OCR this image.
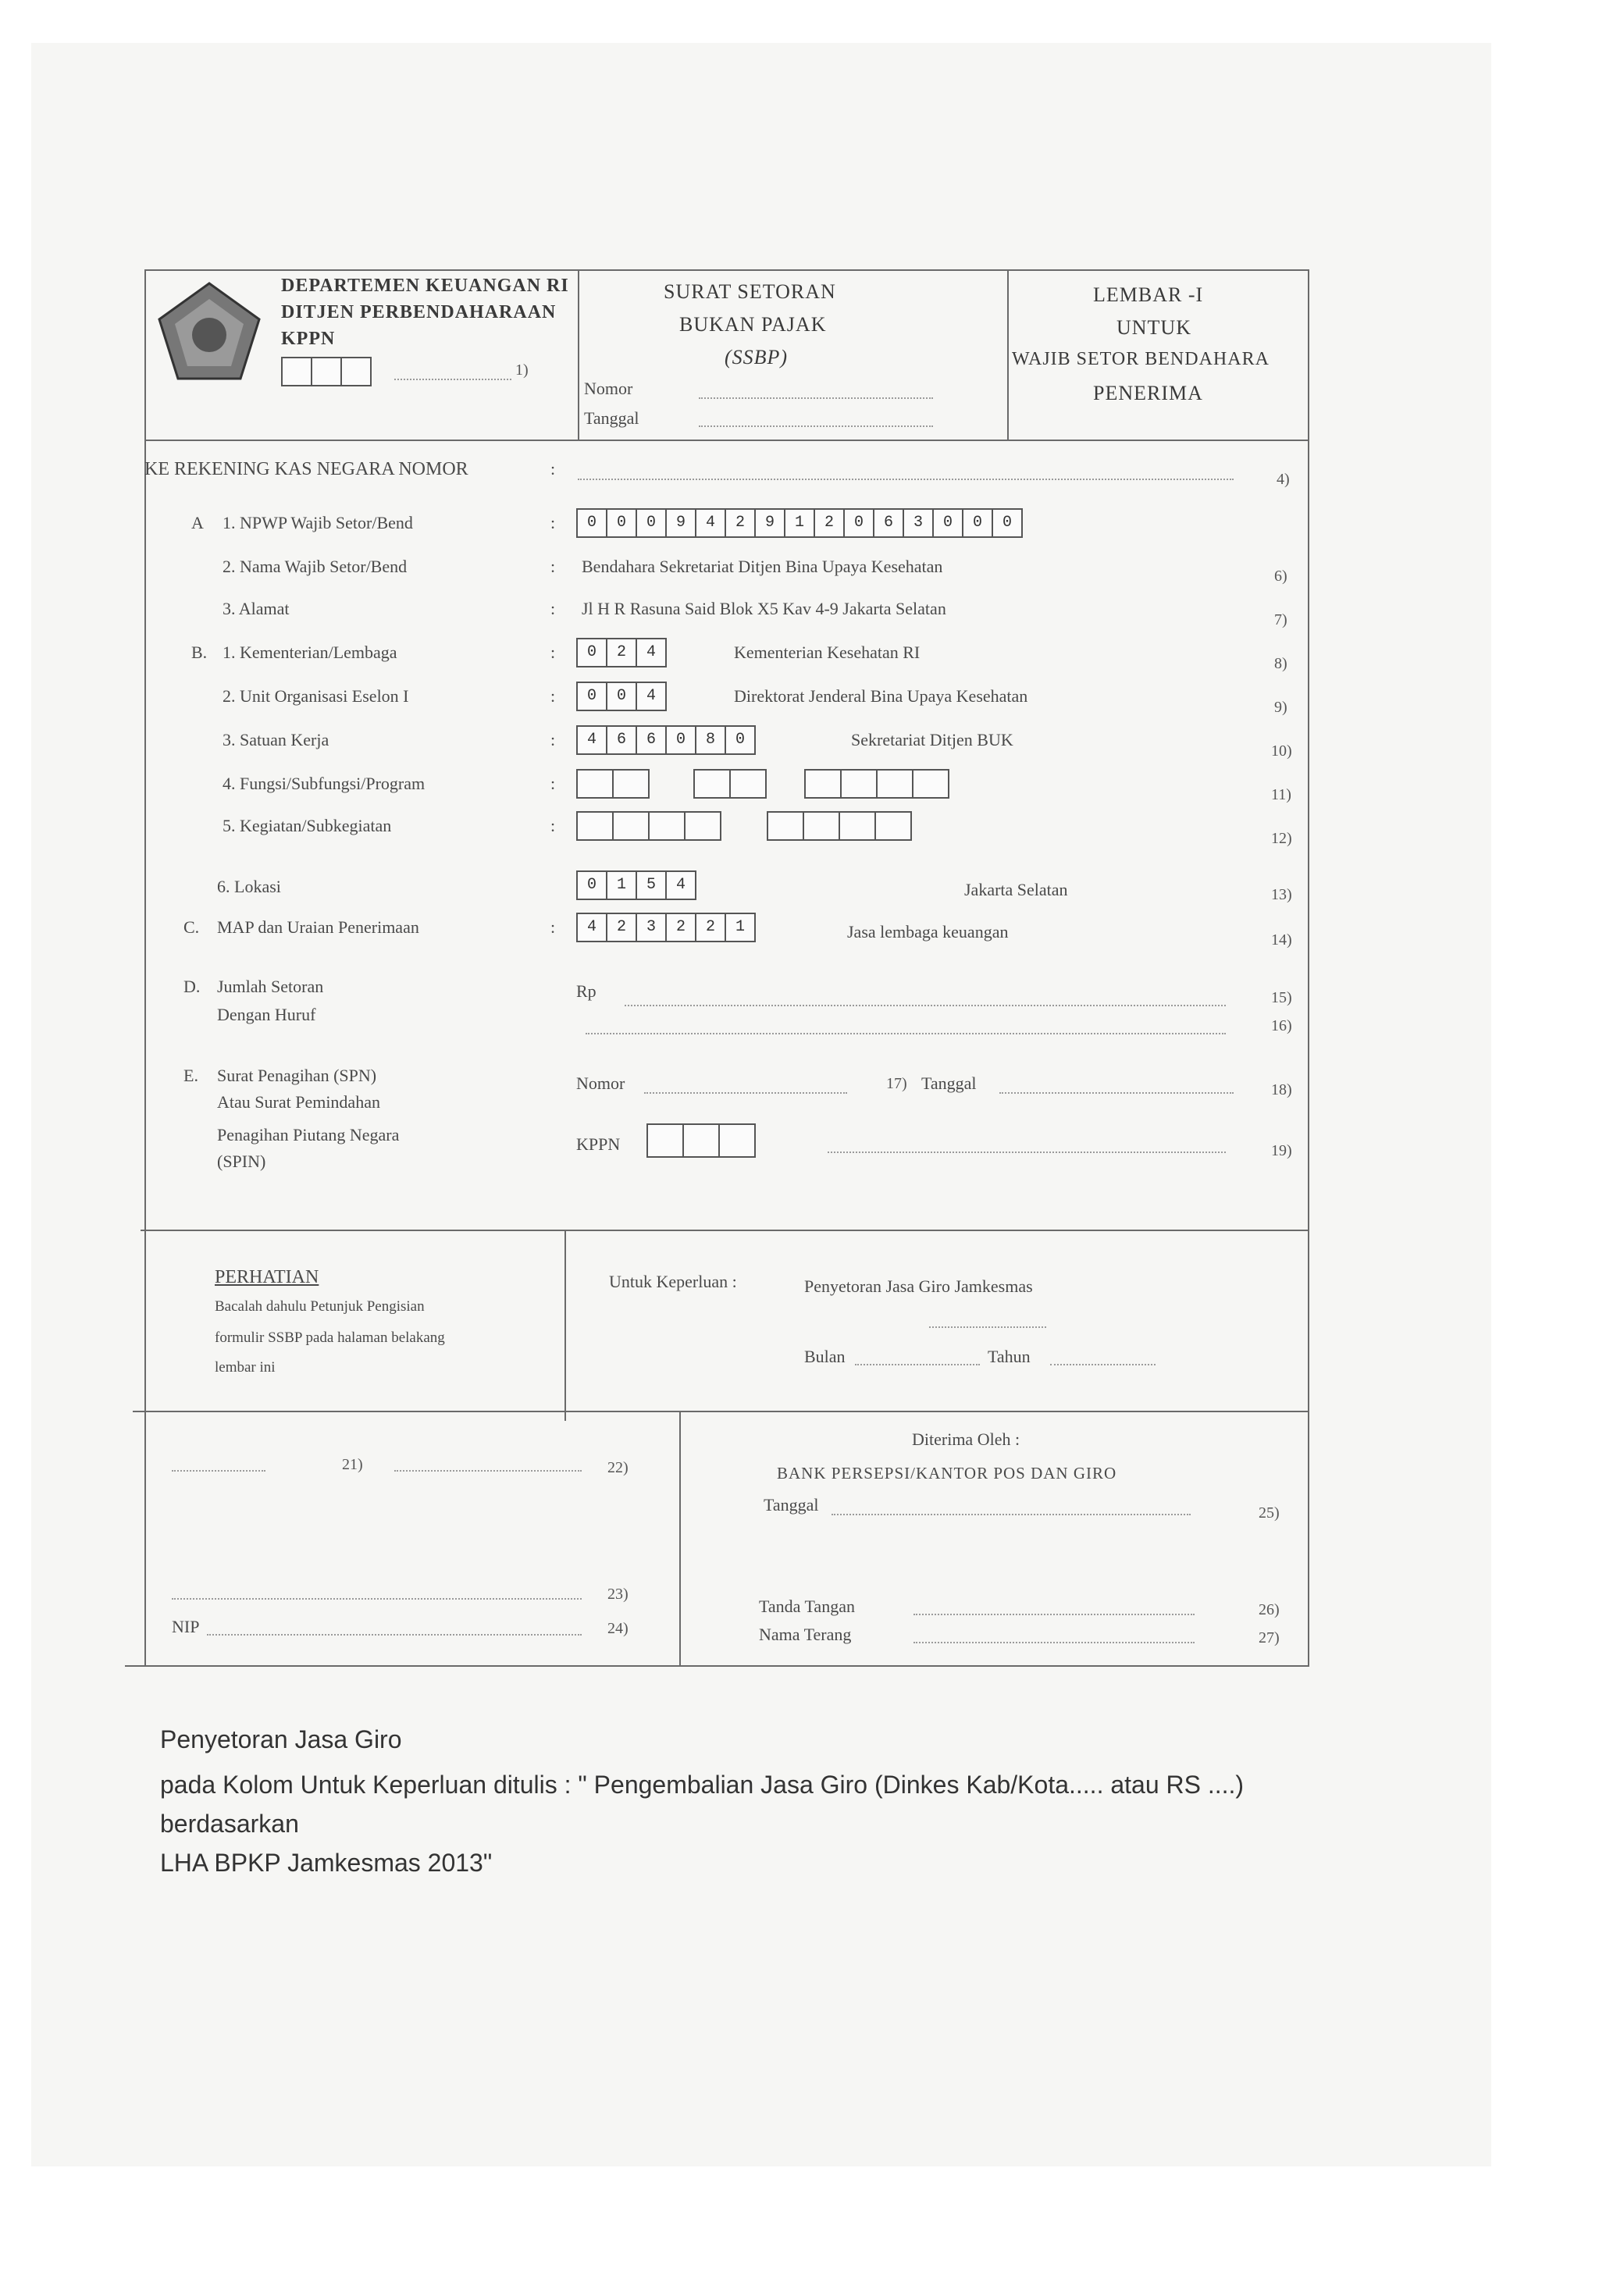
DEPARTEMEN KEUANGAN RI
DITJEN PERBENDAHARAAN
KPPN
1)
SURAT SETORAN
BUKAN PAJAK
(SSBP)
Nomor
Tanggal
LEMBAR -I
UNTUK
WAJIB SETOR BENDAHARA
PENERIMA
KE REKENING KAS NEGARA NOMOR	:
4)
A 1. NPWP Wajib Setor/Bend	:	0	0	0	9	4	2	9	1	2	0	6	3	0	0	0
2. Nama Wajib Setor/Bend	: Bendahara Sekretariat Ditjen Bina Upaya Kesehatan	6)
3. Alamat	: Jl H R Rasuna Said Blok X5 Kav 4-9 Jakarta Selatan
7)
B. 1. Kementerian/Lembaga	:	0	2	4	Kementerian Kesehatan RI
8)
2. Unit Organisasi Eselon I	:	0	0	4	Direktorat Jenderal Bina Upaya Kesehatan
9)
3. Satuan Kerja	:	4	6	6	0	8	0	Sekretariat Ditjen BUK
10)
4. Fungsi/Subfungsi/Program	:
11)
5. Kegiatan/Subkegiatan	:
12)
6. Lokasi	0	1	5	4	Jakarta Selatan	13)
C. MAP dan Uraian Penerimaan	:	4	2	3	2	2	1	Jasa lembaga keuangan	14)
D. Jumlah Setoran
Dengan Huruf
Rp	15)
16)
E. Surat Penagihan (SPN)
Atau Surat Pemindahan
Penagihan Piutang Negara
(SPIN)
Nomor	17) Tanggal	18)
KPPN	19)
PERHATIAN
Bacalah dahulu Petunjuk Pengisian
formulir SSBP pada halaman belakang
lembar ini
Untuk Keperluan :	Penyetoran Jasa Giro Jamkesmas
Bulan	Tahun
21)	22)
23)
NIP	24)
Diterima Oleh :
BANK PERSEPSI/KANTOR POS DAN GIRO
Tanggal	25)
Tanda Tangan	26)
Nama Terang	27)
Penyetoran Jasa Giro
pada Kolom Untuk Keperluan ditulis : " Pengembalian Jasa Giro (Dinkes Kab/Kota..... atau RS ....)
berdasarkan
LHA BPKP Jamkesmas 2013"
